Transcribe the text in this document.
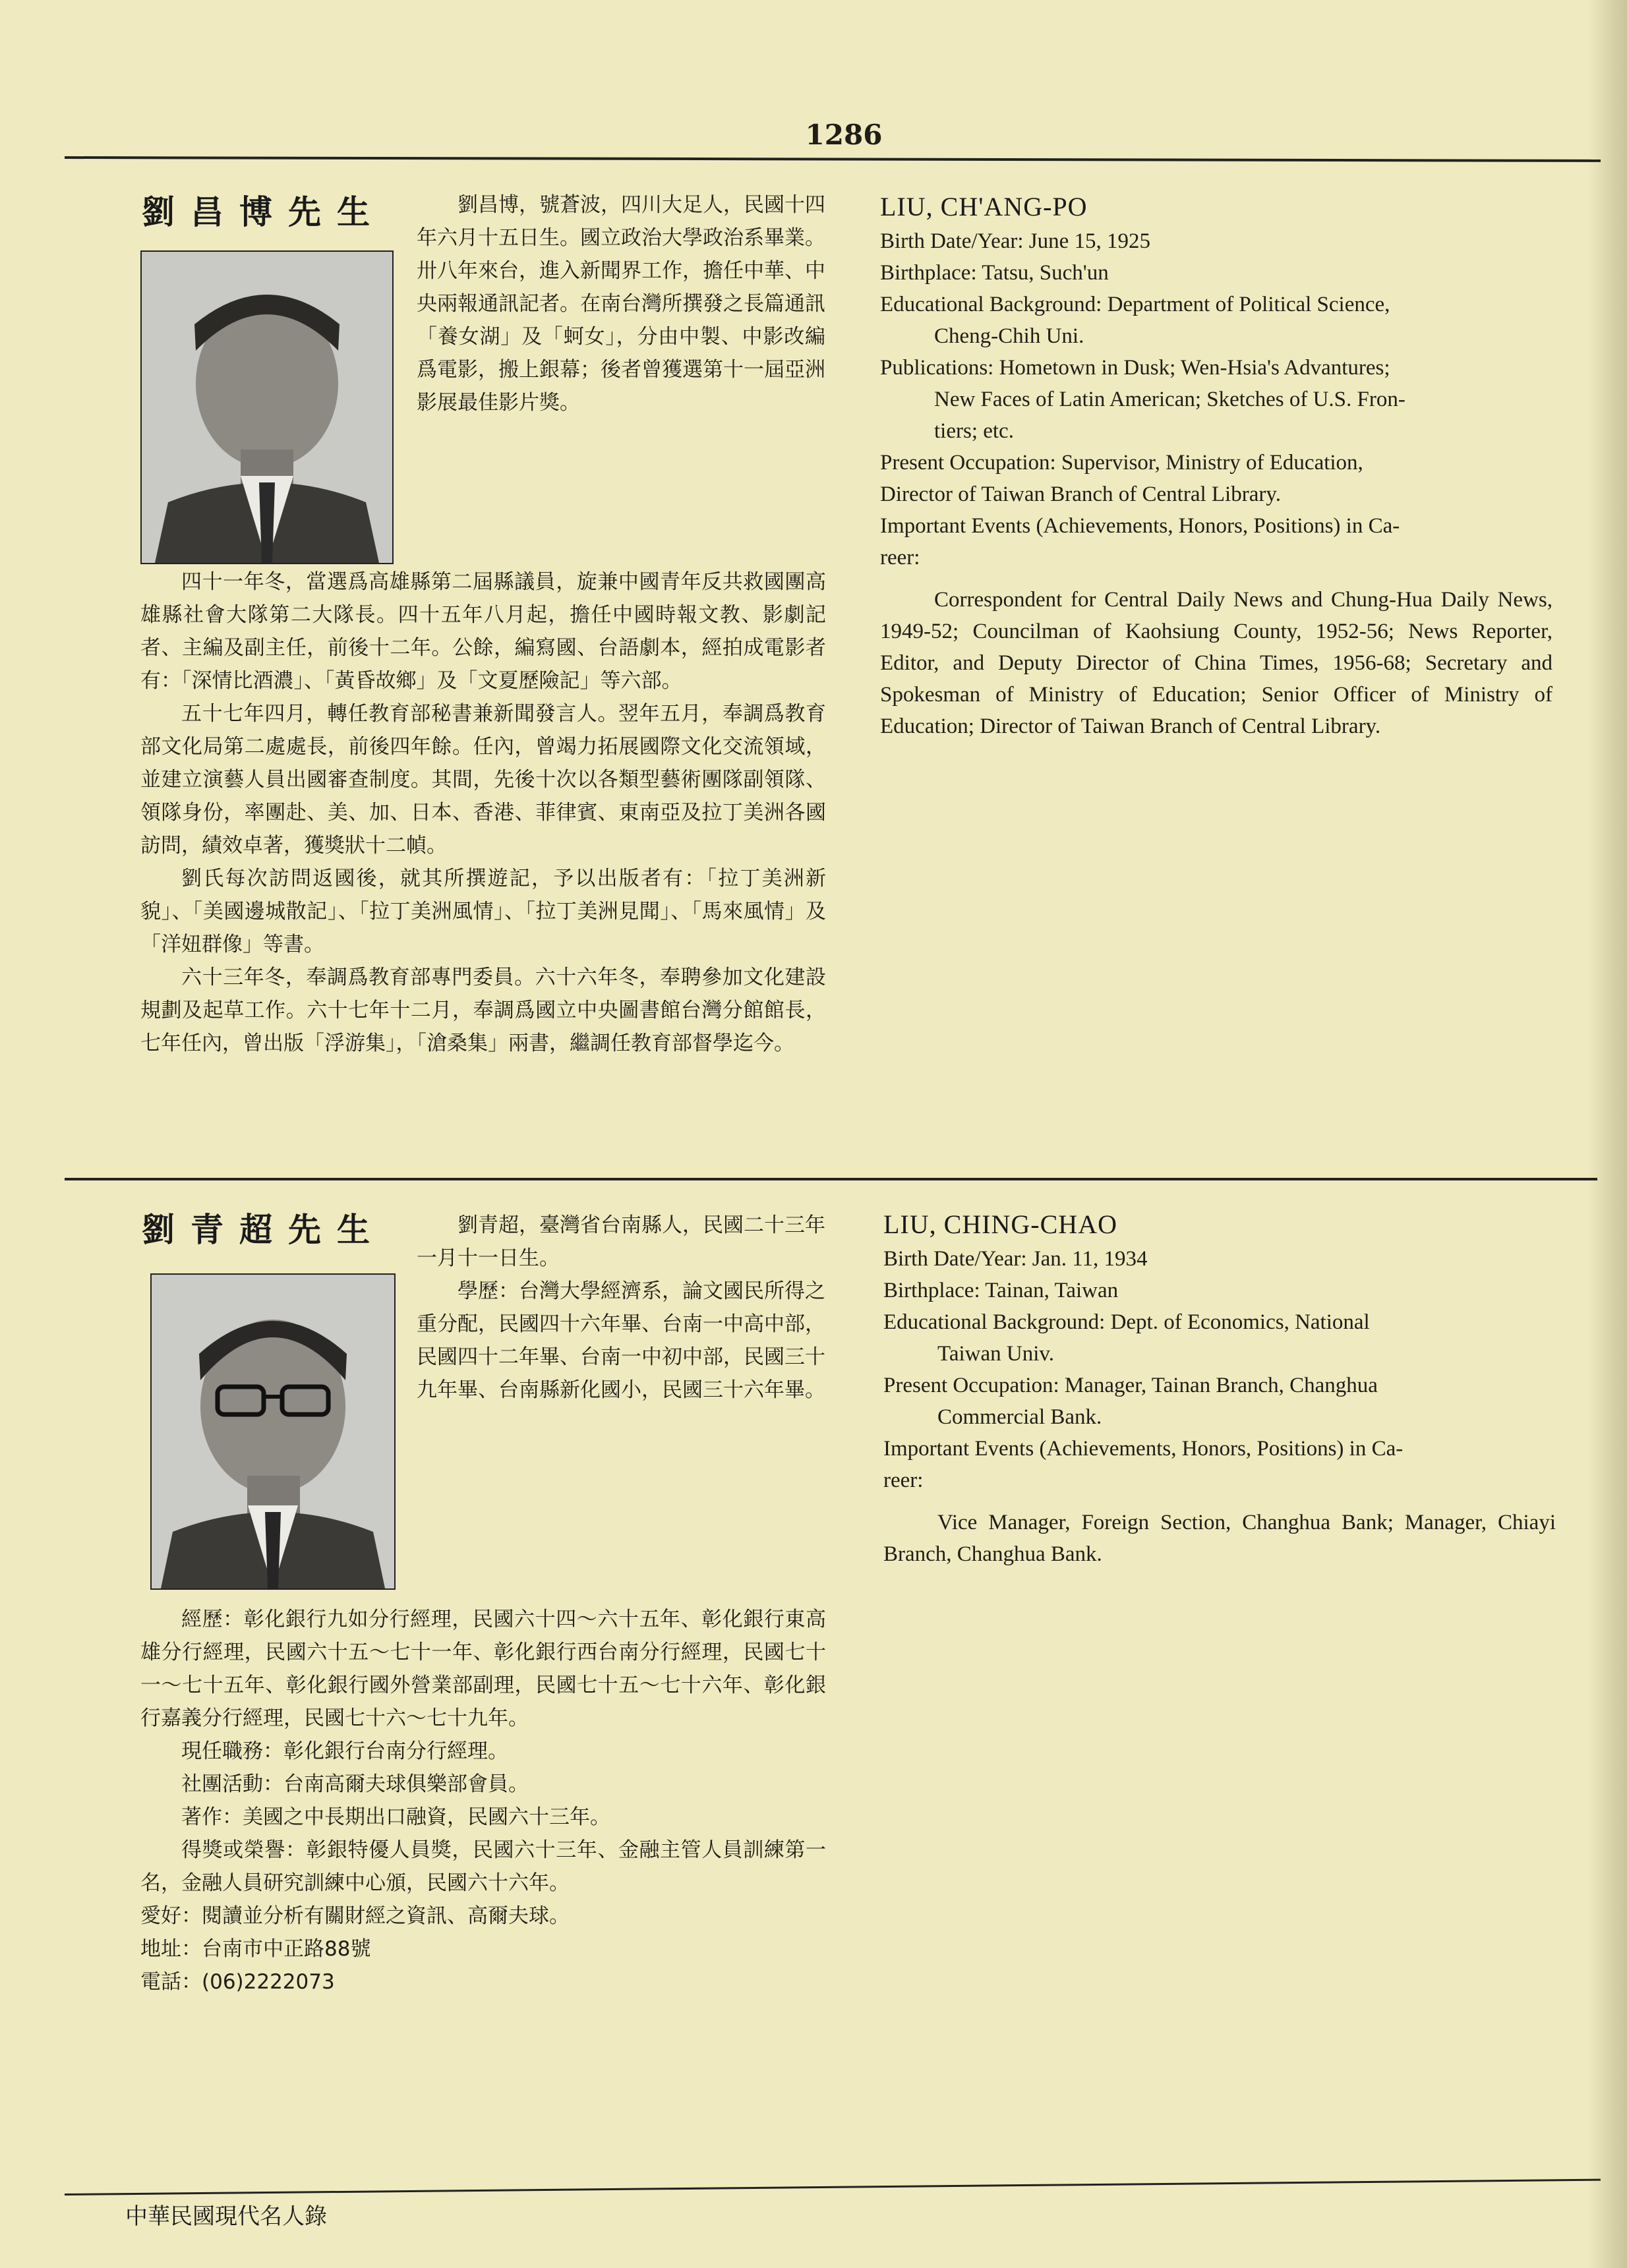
1286
劉昌博先生	劉昌博，號蒼波，四川大足人，民國十四年六月十五日生。國立政治大學政治系畢業。卅八年來台，進入新聞界工作，擔任中華、中央兩報通訊記者。在南台灣所撰發之長篇通訊「養女湖」及「蚵女」，分由中製、中影改編爲電影，搬上銀幕；後者曾獲選第十一屆亞洲影展最佳影片獎。

四十一年冬，當選爲高雄縣第二屆縣議員，旋兼中國青年反共救國團高雄縣社會大隊第二大隊長。四十五年八月起，擔任中國時報文教、影劇記者、主編及副主任，前後十二年。公餘，編寫國、台語劇本，經拍成電影者有：「深情比酒濃」、「黃昏故鄉」及「文夏歷險記」等六部。

五十七年四月，轉任教育部秘書兼新聞發言人。翌年五月，奉調爲教育部文化局第二處處長，前後四年餘。任內，曾竭力拓展國際文化交流領域，並建立演藝人員出國審查制度。其間，先後十次以各類型藝術團隊副領隊、領隊身份，率團赴、美、加、日本、香港、菲律賓、東南亞及拉丁美洲各國訪問，績效卓著，獲獎狀十二幀。

劉氏每次訪問返國後，就其所撰遊記，予以出版者有：「拉丁美洲新貌」、「美國邊城散記」、「拉丁美洲風情」、「拉丁美洲見聞」、「馬來風情」及「洋妞群像」等書。

六十三年冬，奉調爲教育部專門委員。六十六年冬，奉聘參加文化建設規劃及起草工作。六十七年十二月，奉調爲國立中央圖書館台灣分館館長，七年任內，曾出版「浮游集」，「滄桑集」兩書，繼調任教育部督學迄今。

LIU, CH'ANG-PO
Birth Date/Year: June 15, 1925
Birthplace: Tatsu, Such'un
Educational Background: Department of Political Science,
Cheng-Chih Uni.
Publications: Hometown in Dusk; Wen-Hsia's Advantures;
New Faces of Latin American; Sketches of U.S. Fron-
tiers; etc.
Present Occupation: Supervisor, Ministry of Education,
Director of Taiwan Branch of Central Library.
Important Events (Achievements, Honors, Positions) in Ca-
reer:
Correspondent for Central Daily News and Chung-Hua Daily News, 1949-52; Councilman of Kaohsiung County, 1952-56; News Reporter, Editor, and Deputy Director of China Times, 1956-68; Secretary and Spokesman of Ministry of Education; Senior Officer of Ministry of Education; Director of Taiwan Branch of Central Library.
劉青超先生	劉青超，臺灣省台南縣人，民國二十三年一月十一日生。

學歷：台灣大學經濟系，論文國民所得之重分配，民國四十六年畢、台南一中高中部，民國四十二年畢、台南一中初中部，民國三十九年畢、台南縣新化國小，民國三十六年畢。

經歷：彰化銀行九如分行經理，民國六十四～六十五年、彰化銀行東高雄分行經理，民國六十五～七十一年、彰化銀行西台南分行經理，民國七十一～七十五年、彰化銀行國外營業部副理，民國七十五～七十六年、彰化銀行嘉義分行經理，民國七十六～七十九年。

現任職務：彰化銀行台南分行經理。

社團活動：台南高爾夫球俱樂部會員。

著作：美國之中長期出口融資，民國六十三年。

得獎或榮譽：彰銀特優人員獎，民國六十三年、金融主管人員訓練第一名，金融人員研究訓練中心頒，民國六十六年。

愛好：閱讀並分析有關財經之資訊、高爾夫球。

地址：台南市中正路88號

電話：(06)2222073

LIU, CHING-CHAO
Birth Date/Year: Jan. 11, 1934
Birthplace: Tainan, Taiwan
Educational Background: Dept. of Economics, National
Taiwan Univ.
Present Occupation: Manager, Tainan Branch, Changhua
Commercial Bank.
Important Events (Achievements, Honors, Positions) in Ca-
reer:
Vice Manager, Foreign Section, Changhua Bank; Manager, Chiayi Branch, Changhua Bank.
中華民國現代名人錄
